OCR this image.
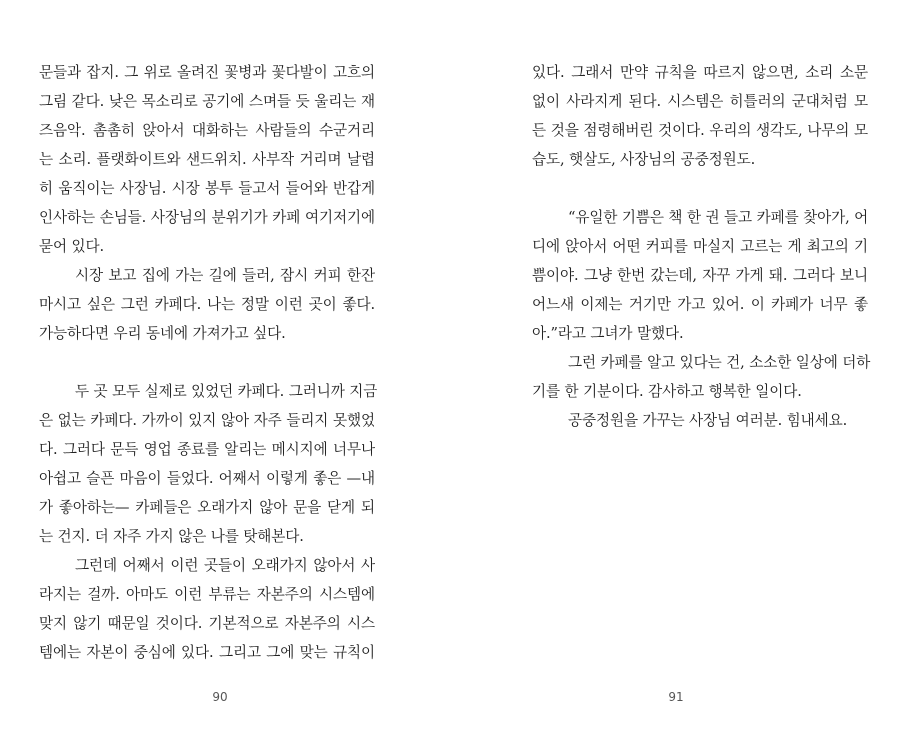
문들과 잡지. 그 위로 올려진 꽃병과 꽃다발이 고흐의
그림 같다. 낮은 목소리로 공기에 스며들 듯 울리는 재
즈음악. 촘촘히 앉아서 대화하는 사람들의 수군거리
는 소리. 플랫화이트와 샌드위치. 사부작 거리며 날렵
히 움직이는 사장님. 시장 봉투 들고서 들어와 반갑게
인사하는 손님들. 사장님의 분위기가 카페 여기저기에
묻어 있다.
시장 보고 집에 가는 길에 들러, 잠시 커피 한잔
마시고 싶은 그런 카페다. 나는 정말 이런 곳이 좋다.
가능하다면 우리 동네에 가져가고 싶다.
두 곳 모두 실제로 있었던 카페다. 그러니까 지금
은 없는 카페다. 가까이 있지 않아 자주 들리지 못했었
다. 그러다 문득 영업 종료를 알리는 메시지에 너무나
아쉽고 슬픈 마음이 들었다. 어째서 이렇게 좋은 —내
가 좋아하는— 카페들은 오래가지 않아 문을 닫게 되
는 건지. 더 자주 가지 않은 나를 탓해본다.
그런데 어째서 이런 곳들이 오래가지 않아서 사
라지는 걸까. 아마도 이런 부류는 자본주의 시스템에
맞지 않기 때문일 것이다. 기본적으로 자본주의 시스
템에는 자본이 중심에 있다. 그리고 그에 맞는 규칙이
90
있다. 그래서 만약 규칙을 따르지 않으면, 소리 소문
없이 사라지게 된다. 시스템은 히틀러의 군대처럼 모
든 것을 점령해버린 것이다. 우리의 생각도, 나무의 모
습도, 햇살도, 사장님의 공중정원도.
“유일한 기쁨은 책 한 권 들고 카페를 찾아가, 어
디에 앉아서 어떤 커피를 마실지 고르는 게 최고의 기
쁨이야. 그냥 한번 갔는데, 자꾸 가게 돼. 그러다 보니
어느새 이제는 거기만 가고 있어. 이 카페가 너무 좋
아.”라고 그녀가 말했다.
그런 카페를 알고 있다는 건, 소소한 일상에 더하
기를 한 기분이다. 감사하고 행복한 일이다.
공중정원을 가꾸는 사장님 여러분. 힘내세요.
91
